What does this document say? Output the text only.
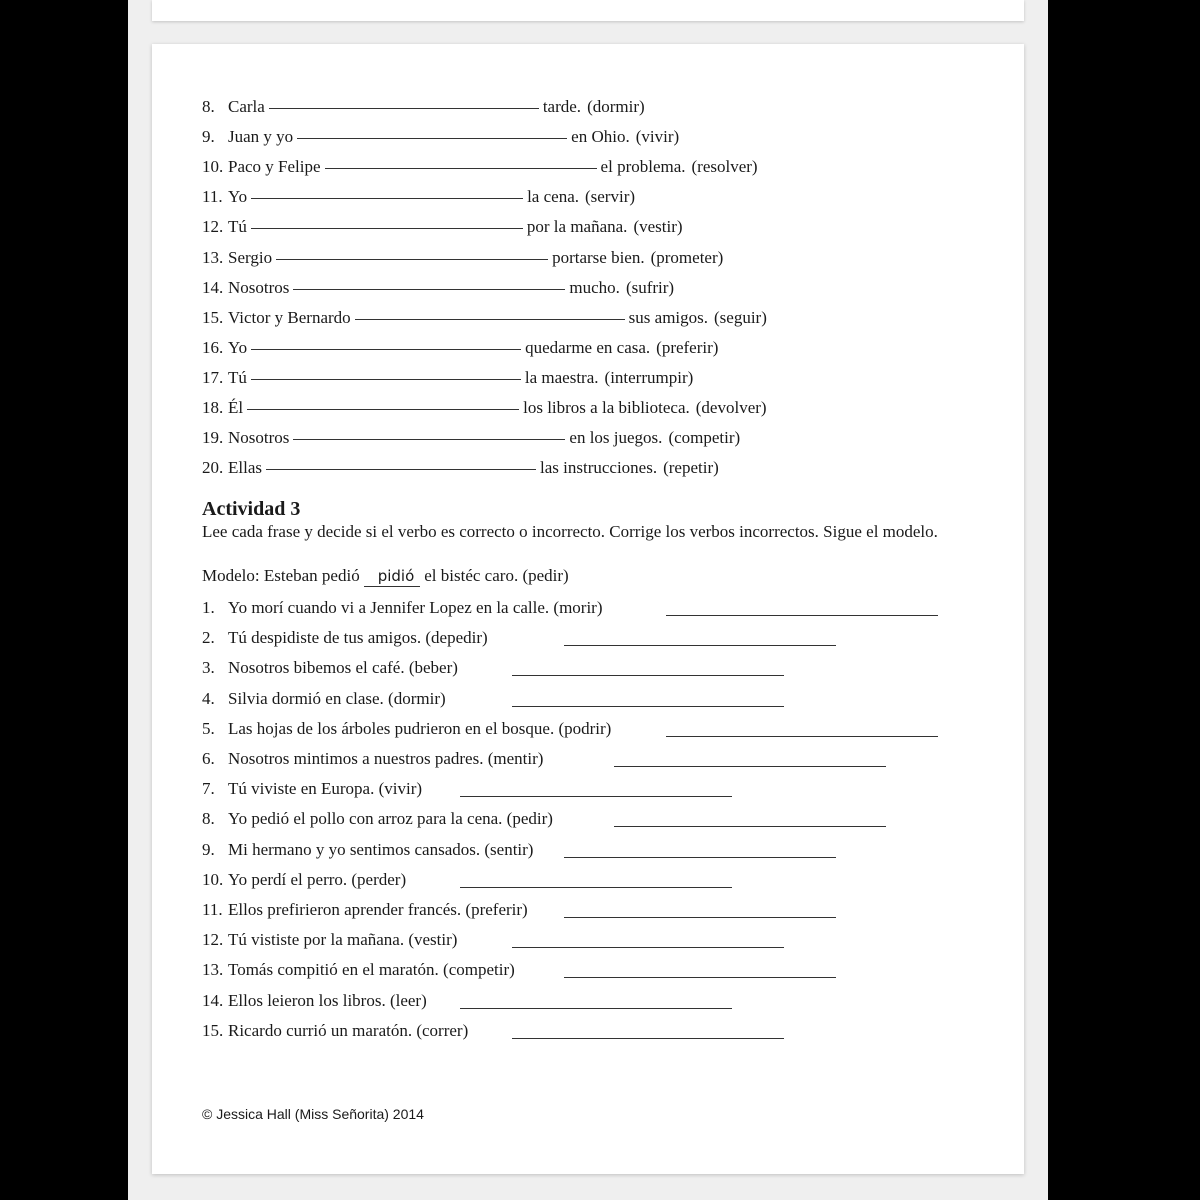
8. Carla	tarde. (dormir)
9. Juan y yo	en Ohio. (vivir)
10. Paco y Felipe	el problema. (resolver)
11. Yo	la cena. (servir)
12. Tú	por la mañana. (vestir)
13. Sergio	portarse bien. (prometer)
14. Nosotros	mucho. (sufrir)
15. Victor y Bernardo	sus amigos. (seguir)
16. Yo	quedarme en casa. (preferir)
17. Tú	la maestra. (interrumpir)
18. Él	los libros a la biblioteca. (devolver)
19. Nosotros	en los juegos. (competir)
20. Ellas	las instrucciones. (repetir)
Actividad 3
Lee cada frase y decide si el verbo es correcto o incorrecto. Corrige los verbos incorrectos. Sigue el modelo.
Modelo: Esteban pedió	pidió el bistéc caro. (pedir)
1. Yo morí cuando vi a Jennifer Lopez en la calle. (morir)
2. Tú despidiste de tus amigos. (depedir)
3. Nosotros bibemos el café. (beber)
4. Silvia dormió en clase. (dormir)
5. Las hojas de los árboles pudrieron en el bosque. (podrir)
6. Nosotros mintimos a nuestros padres. (mentir)
7. Tú viviste en Europa. (vivir)
8. Yo pedió el pollo con arroz para la cena. (pedir)
9. Mi hermano y yo sentimos cansados. (sentir)
10. Yo perdí el perro. (perder)
11. Ellos prefirieron aprender francés. (preferir)
12. Tú vististe por la mañana. (vestir)
13. Tomás compitió en el maratón. (competir)
14. Ellos leieron los libros. (leer)
15. Ricardo currió un maratón. (correr)
© Jessica Hall (Miss Señorita) 2014
